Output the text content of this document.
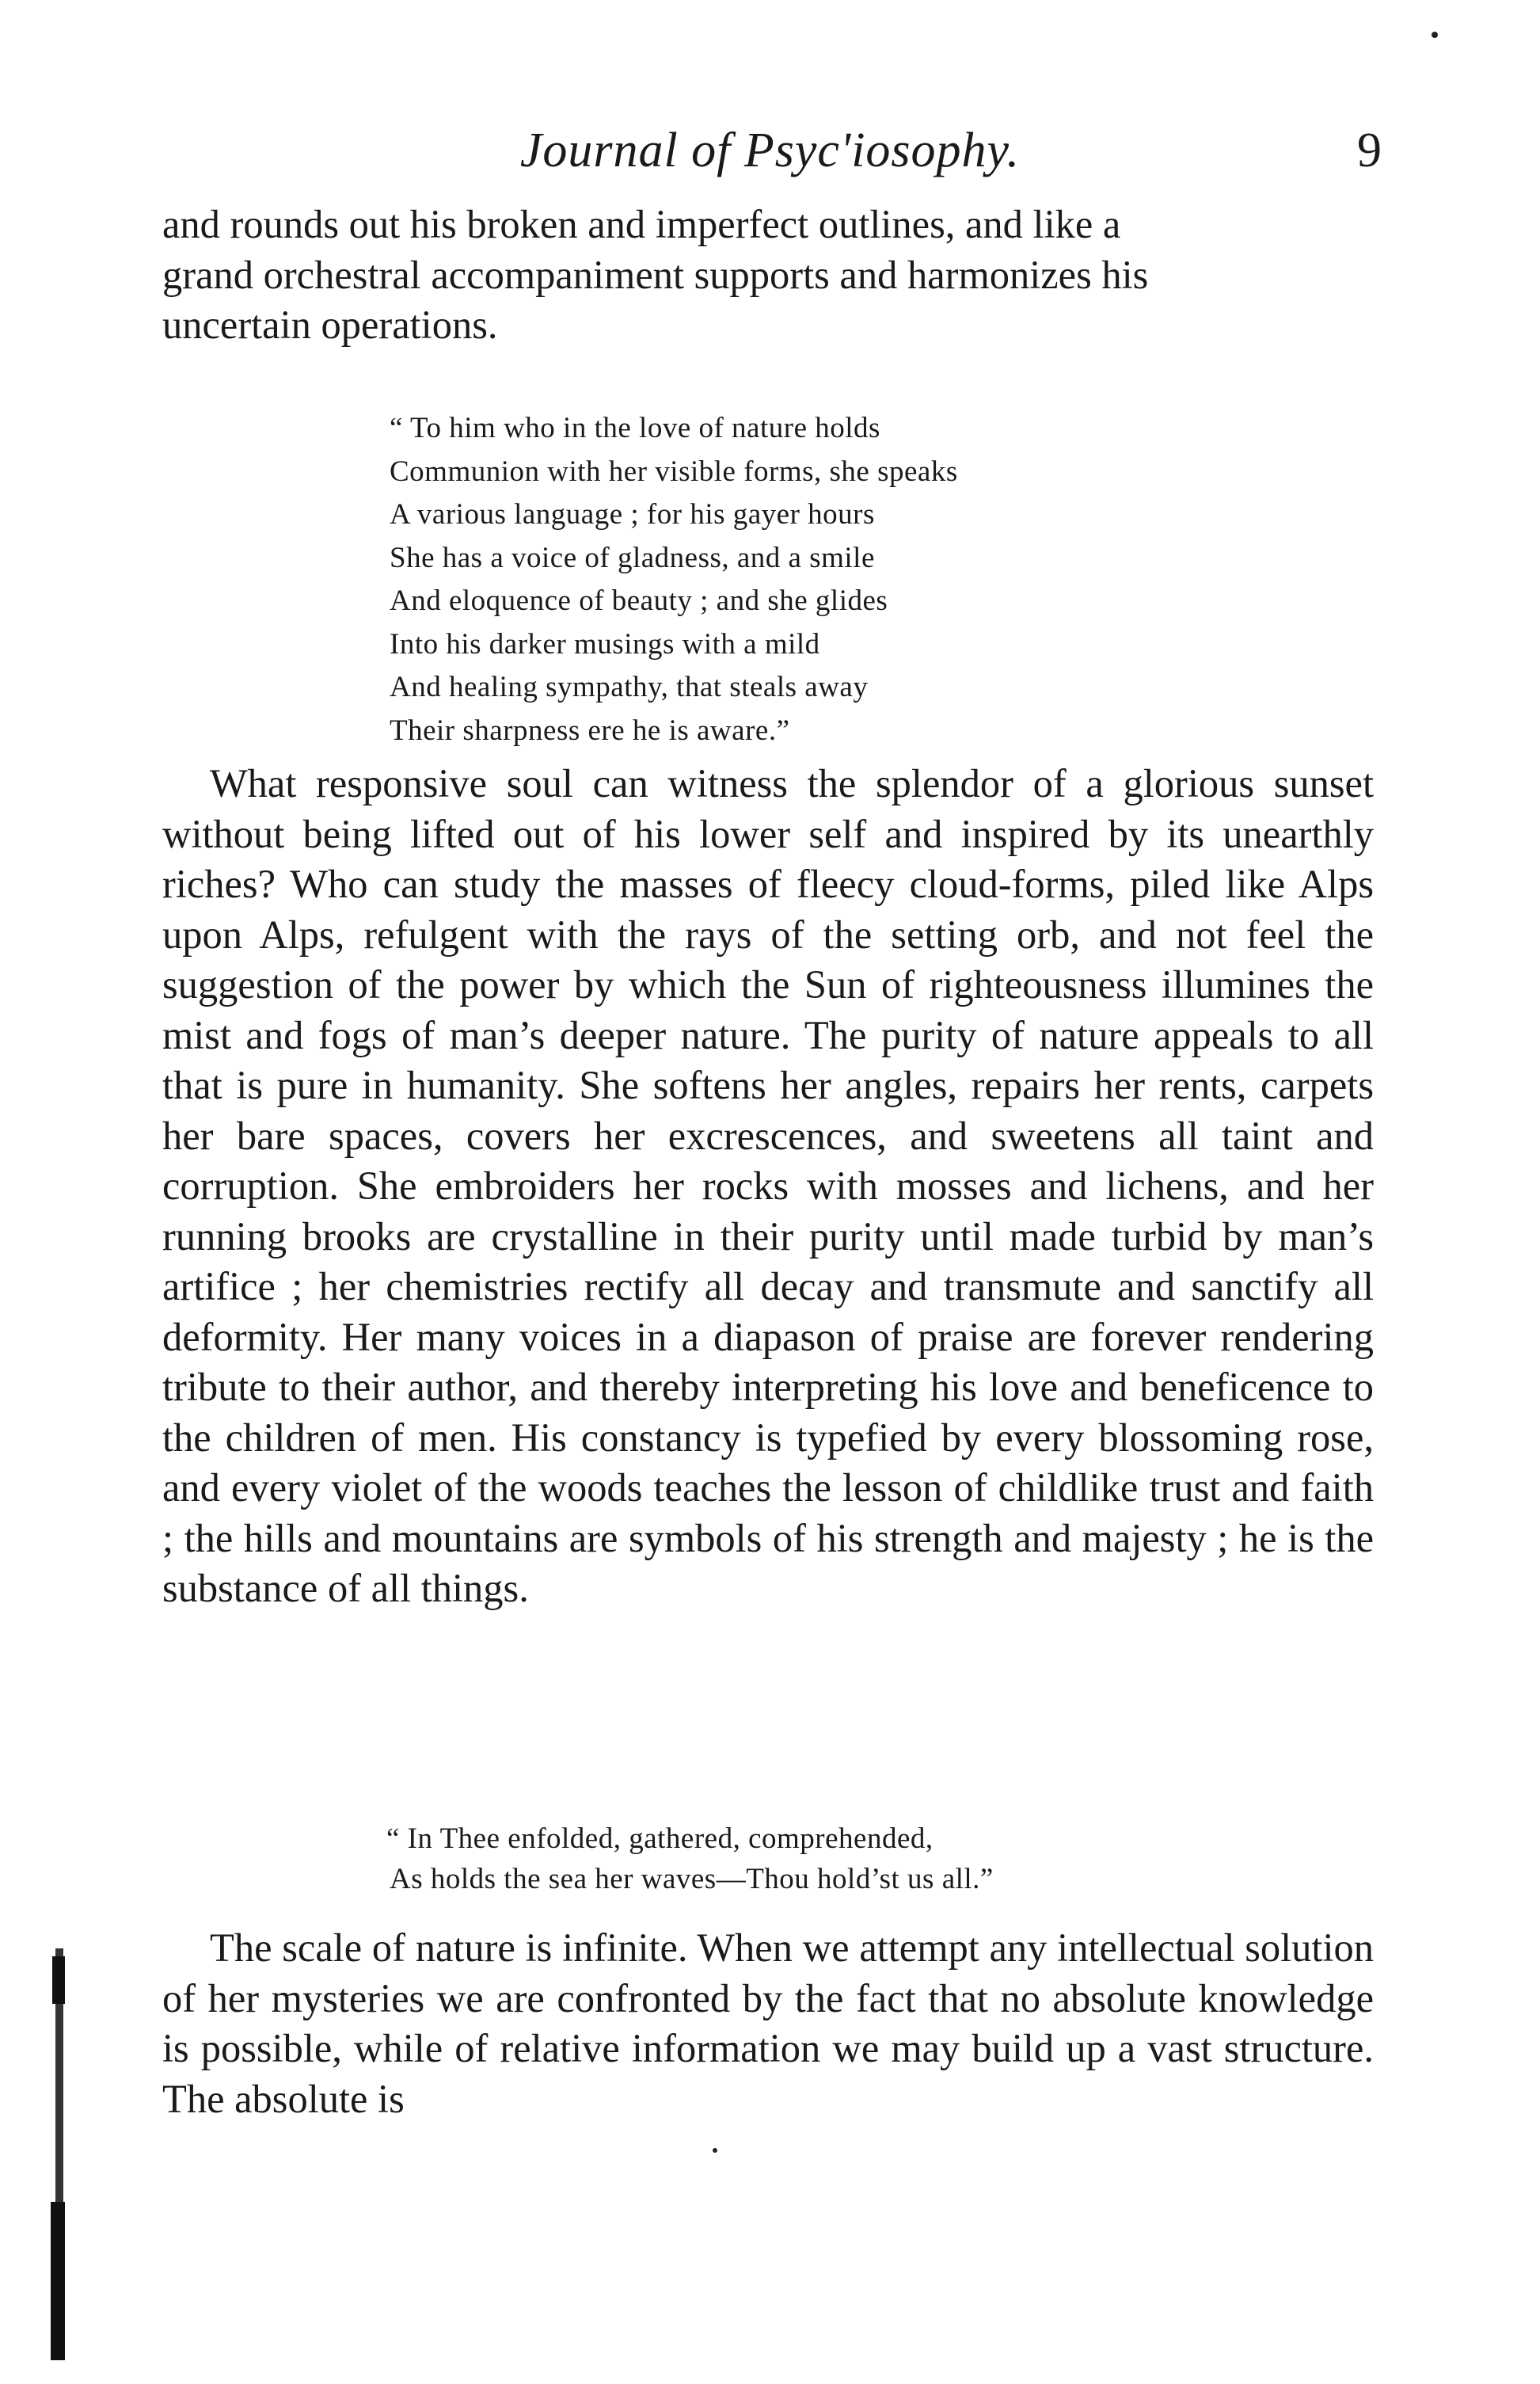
Journal of Psyc'iosophy.	9
and rounds out his broken and imperfect outlines, and like a
grand orchestral accompaniment supports and harmonizes his
uncertain operations.
“ To him who in the love of nature holds
Communion with her visible forms, she speaks
A various language ; for his gayer hours
She has a voice of gladness, and a smile
And eloquence of beauty ; and she glides
Into his darker musings with a mild
And healing sympathy, that steals away
Their sharpness ere he is aware.”

What responsive soul can witness the splendor of a glorious sunset without being lifted out of his lower self and inspired by its unearthly riches? Who can study the masses of fleecy cloud-forms, piled like Alps upon Alps, refulgent with the rays of the setting orb, and not feel the suggestion of the power by which the Sun of righteousness illumines the mist and fogs of man’s deeper nature. The purity of nature appeals to all that is pure in humanity. She softens her angles, repairs her rents, carpets her bare spaces, covers her excrescences, and sweetens all taint and corruption. She embroiders her rocks with mosses and lichens, and her running brooks are crystalline in their purity until made turbid by man’s artifice ; her chemistries rectify all decay and transmute and sanctify all deformity. Her many voices in a diapason of praise are forever rendering tribute to their author, and thereby interpreting his love and beneficence to the children of men. His constancy is typefied by every blossoming rose, and every violet of the woods teaches the lesson of childlike trust and faith ; the hills and mountains are symbols of his strength and majesty ; he is the substance of all things.

“ In Thee enfolded, gathered, comprehended,
As holds the sea her waves—Thou hold’st us all.”

The scale of nature is infinite. When we attempt any intellectual solution of her mysteries we are confronted by the fact that no absolute knowledge is possible, while of relative information we may build up a vast structure. The absolute is
